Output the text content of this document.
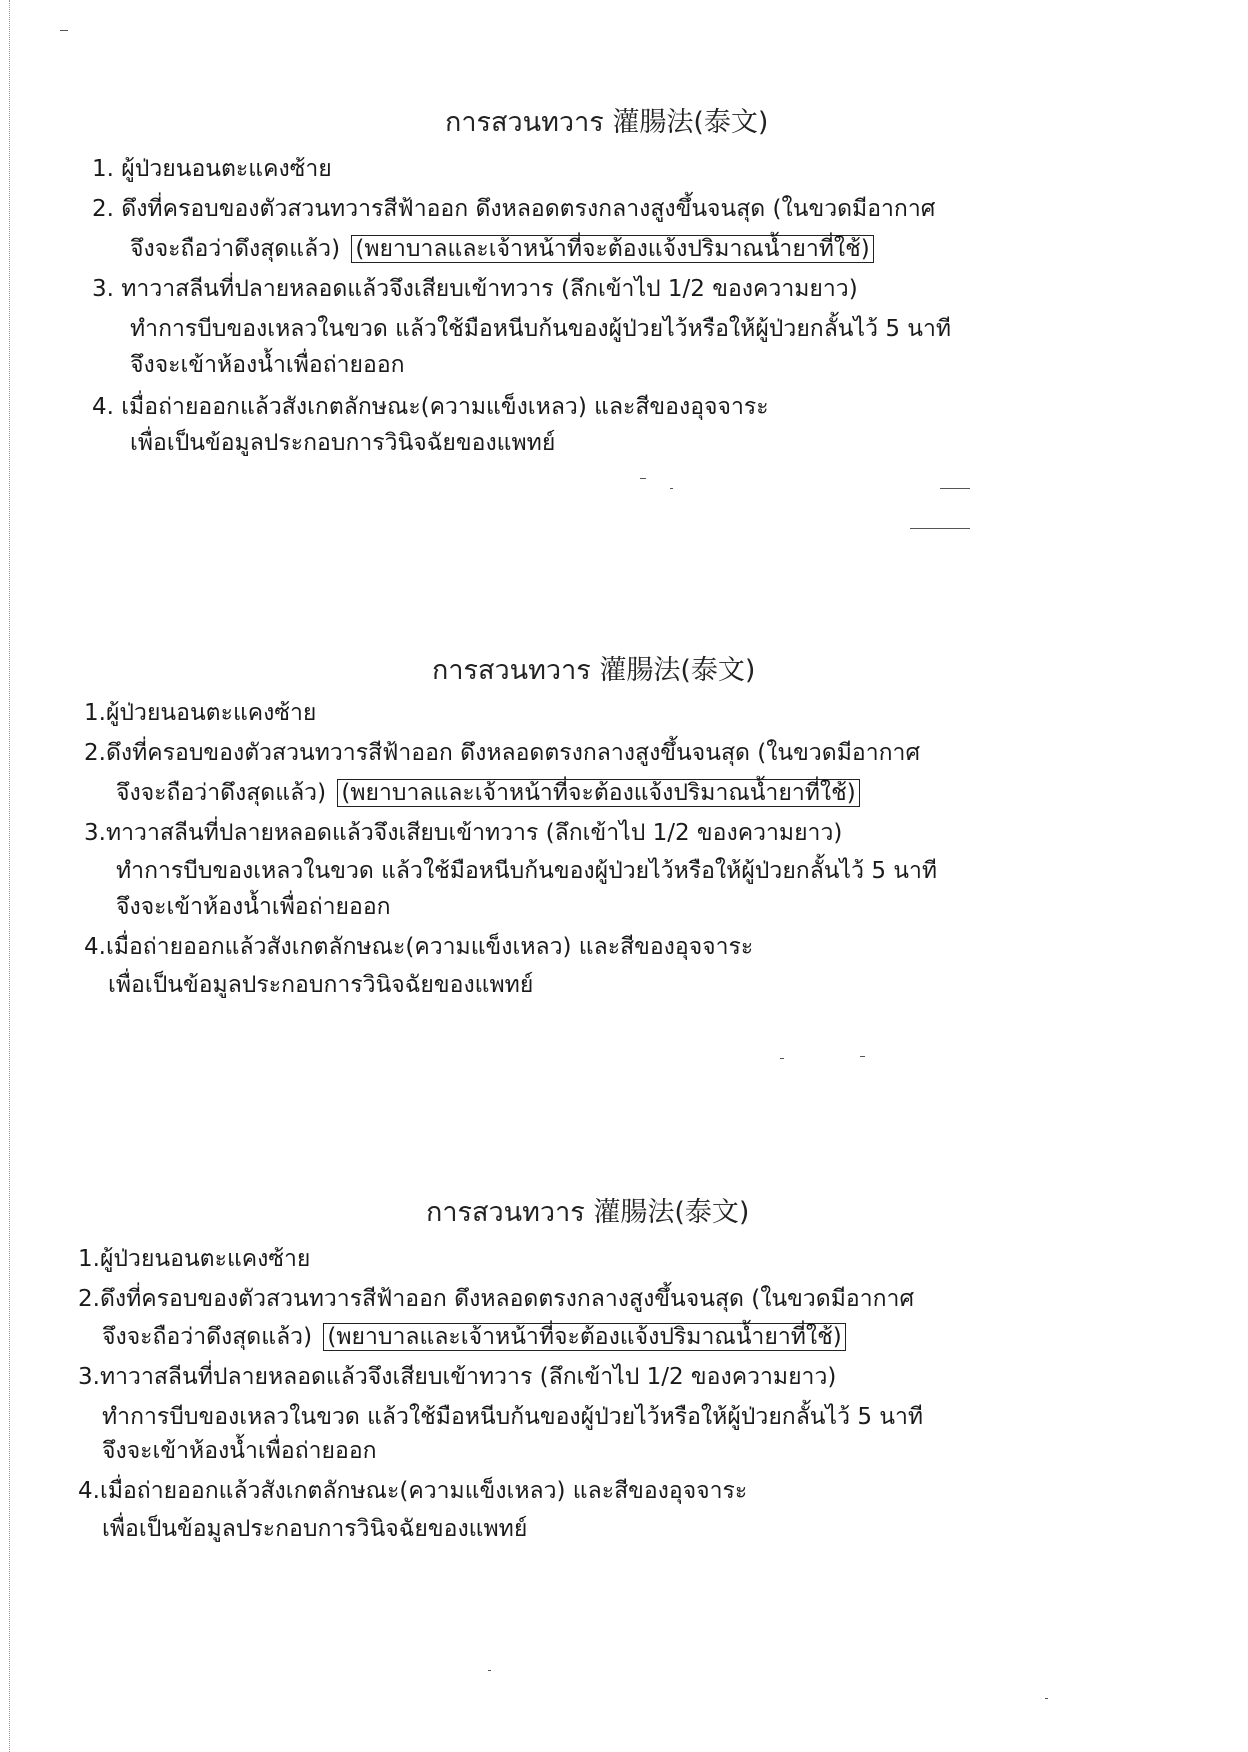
การสวนทวาร 灌腸法(泰文)
1. ผู้ป่วยนอนตะแคงซ้าย
2. ดึงที่ครอบของตัวสวนทวารสีฟ้าออก ดึงหลอดตรงกลางสูงขึ้นจนสุด (ในขวดมีอากาศ
จึงจะถือว่าดึงสุดแล้ว) (พยาบาลและเจ้าหน้าที่จะต้องแจ้งปริมาณน้ำยาที่ใช้)
3. ทาวาสลีนที่ปลายหลอดแล้วจึงเสียบเข้าทวาร (ลึกเข้าไป 1/2 ของความยาว)
ทำการบีบของเหลวในขวด แล้วใช้มือหนีบก้นของผู้ป่วยไว้หรือให้ผู้ป่วยกลั้นไว้ 5 นาที
จึงจะเข้าห้องน้ำเพื่อถ่ายออก
4. เมื่อถ่ายออกแล้วสังเกตลักษณะ(ความแข็งเหลว) และสีของอุจจาระ
เพื่อเป็นข้อมูลประกอบการวินิจฉัยของแพทย์
การสวนทวาร 灌腸法(泰文)
1.ผู้ป่วยนอนตะแคงซ้าย
2.ดึงที่ครอบของตัวสวนทวารสีฟ้าออก ดึงหลอดตรงกลางสูงขึ้นจนสุด (ในขวดมีอากาศ
จึงจะถือว่าดึงสุดแล้ว) (พยาบาลและเจ้าหน้าที่จะต้องแจ้งปริมาณน้ำยาที่ใช้)
3.ทาวาสลีนที่ปลายหลอดแล้วจึงเสียบเข้าทวาร (ลึกเข้าไป 1/2 ของความยาว)
ทำการบีบของเหลวในขวด แล้วใช้มือหนีบก้นของผู้ป่วยไว้หรือให้ผู้ป่วยกลั้นไว้ 5 นาที
จึงจะเข้าห้องน้ำเพื่อถ่ายออก
4.เมื่อถ่ายออกแล้วสังเกตลักษณะ(ความแข็งเหลว) และสีของอุจจาระ
เพื่อเป็นข้อมูลประกอบการวินิจฉัยของแพทย์
การสวนทวาร 灌腸法(泰文)
1.ผู้ป่วยนอนตะแคงซ้าย
2.ดึงที่ครอบของตัวสวนทวารสีฟ้าออก ดึงหลอดตรงกลางสูงขึ้นจนสุด (ในขวดมีอากาศ
จึงจะถือว่าดึงสุดแล้ว) (พยาบาลและเจ้าหน้าที่จะต้องแจ้งปริมาณน้ำยาที่ใช้)
3.ทาวาสลีนที่ปลายหลอดแล้วจึงเสียบเข้าทวาร (ลึกเข้าไป 1/2 ของความยาว)
ทำการบีบของเหลวในขวด แล้วใช้มือหนีบก้นของผู้ป่วยไว้หรือให้ผู้ป่วยกลั้นไว้ 5 นาที
จึงจะเข้าห้องน้ำเพื่อถ่ายออก
4.เมื่อถ่ายออกแล้วสังเกตลักษณะ(ความแข็งเหลว) และสีของอุจจาระ
เพื่อเป็นข้อมูลประกอบการวินิจฉัยของแพทย์
